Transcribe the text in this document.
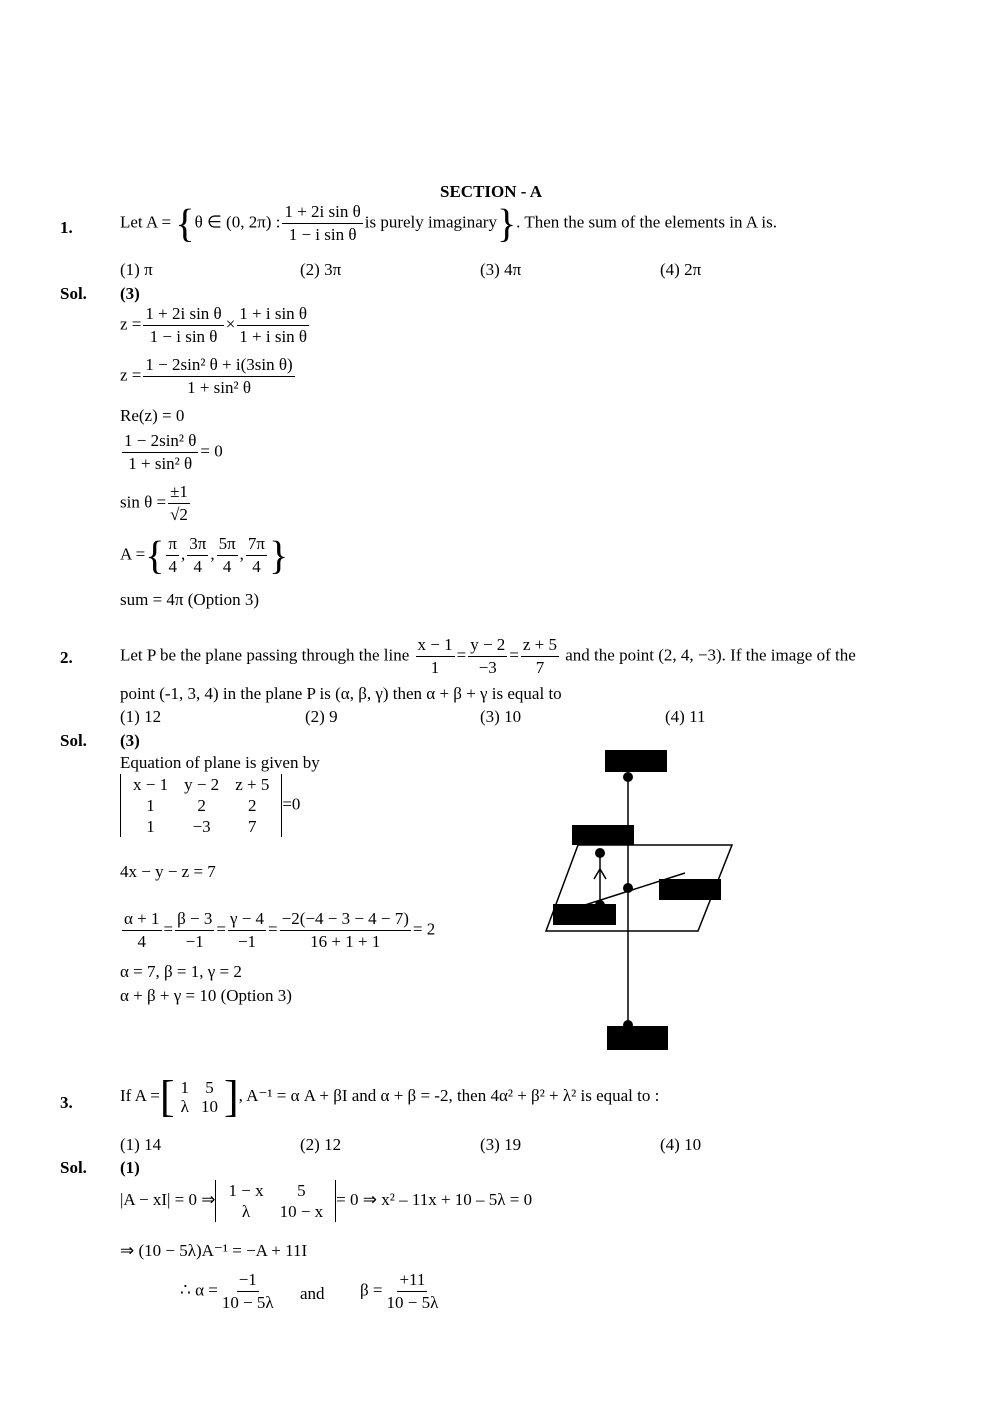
SECTION - A
1.	Let A = {θ ∈ (0, 2π) : $\frac{\text{1 + 2i sin θ}}{\text{1 − i sin θ}}$ is purely imaginary}. Then the sum of the elements in A is.
(1) π	(2) 3π	(3) 4π	(4) 2π
Sol. (3)
$z = \frac{\text{1 + 2i sin θ}}{\text{1 − i sin θ}} \times \frac{\text{1 + i sin θ}}{\text{1 + i sin θ}}$
$z = \frac{\text{1 − 2sin² θ + i(3sin θ)}}{\text{1 + sin² θ}}$
Re(z) = 0
$\frac{\text{1 − 2sin² θ}}{\text{1 + sin² θ}} = 0$
$\sin \theta = \frac{\pm 1}{√2}$
A ={ $\frac{\pi}{4}$ , $\frac{3\pi}{4}$ , $\frac{5\pi}{4}$ , $\frac{7\pi}{4}$ }
sum = 4π (Option 3)
2.	Let P be the plane passing through the line $\frac{x - 1}{1} = \frac{y - 2}{-3} = \frac{z + 5}{7}$ and the point (2, 4, −3). If the image of the
point (-1, 3, 4) in the plane P is (α, β, γ) then α + β + γ is equal to
(1) 12	(2) 9	(3) 10	(4) 11
Sol. (3)
Equation of plane is given by
x − 1	y − 2	z + 5
1	2	2
1	−3	7
=0
4x − y − z = 7
$\frac{\alpha + 1}{4} = \frac{\beta - 3}{-1} = \frac{\gamma - 4}{-1} = \frac{-2(-4 - 3 - 4 - 7)}{16 + 1 + 1} = 2$
α = 7, β = 1, γ = 2
α + β + γ = 10 (Option 3)
3.	If A =[ 1	5
λ	10 ], A⁻¹ = α A + βI and α + β = -2, then 4α² + β² + λ² is equal to :
(1) 14	(2) 12	(3) 19	(4) 10
Sol. (1)
|A − xI| = 0 ⇒ 1 − x	5
λ	10 − x
= 0 ⇒ x² – 11x + 10 – 5λ = 0
⇒ (10 − 5λ)A⁻¹ = −A + 11I
∴ $\alpha = \frac{-1}{10 - 5\lambda}$ and $\beta = \frac{+11}{10 - 5\lambda}$
